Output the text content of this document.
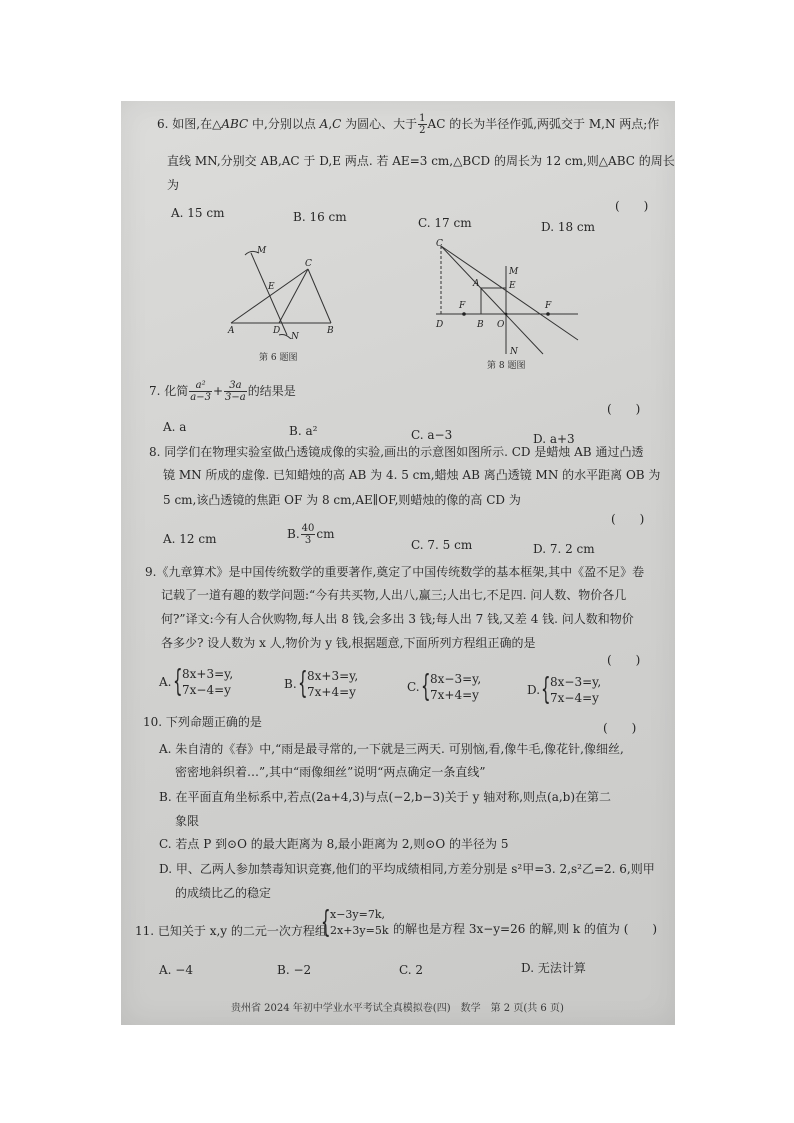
6. 如图,在△ABC 中,分别以点 A,C 为圆心、大于 $\frac{1}{2}$ AC 的长为半径作弧,两弧交于 M,N 两点;作
直线 MN,分别交 AB,AC 于 D,E 两点. 若 AE=3 cm,△BCD 的周长为 12 cm,则△ABC 的周长
为
(　　)
A. 15 cm	B. 16 cm	C. 17 cm	D. 18 cm
M
C
E
A	D	B
N
第 6 题图
C
M
A	E
F	F
D	B O
N
第 8 题图
7. 化简 $\frac{\text{a²}}{a-3} + \frac{3a}{3-a}$ 的结果是
(　　)
A. a	B. a²	C. a−3	D. a+3
8. 同学们在物理实验室做凸透镜成像的实验,画出的示意图如图所示. CD 是蜡烛 AB 通过凸透
镜 MN 所成的虚像. 已知蜡烛的高 AB 为 4. 5 cm,蜡烛 AB 离凸透镜 MN 的水平距离 OB 为
5 cm,该凸透镜的焦距 OF 为 8 cm,AE∥OF,则蜡烛的像的高 CD 为
(　　)
A. 12 cm	B. $\frac{40}{3}$ cm
C. 7. 5 cm	D. 7. 2 cm
9.《九章算术》是中国传统数学的重要著作,奠定了中国传统数学的基本框架,其中《盈不足》卷
记载了一道有趣的数学问题:“今有共买物,人出八,赢三;人出七,不足四. 问人数、物价各几
何?”译文:今有人合伙购物,每人出 8 钱,会多出 3 钱;每人出 7 钱,又差 4 钱. 问人数和物价
各多少? 设人数为 x 人,物价为 y 钱,根据题意,下面所列方程组正确的是
(　　)
A. { 8x+3=y,
7x−4=y	B. { 8x+3=y,
7x+4=y	C. { 8x−3=y,
7x+4=y	D. { 8x−3=y,
7x−4=y
10. 下列命题正确的是	(　　)
A. 朱自清的《春》中,“雨是最寻常的,一下就是三两天. 可别恼,看,像牛毛,像花针,像细丝,
密密地斜织着…”,其中“雨像细丝”说明“两点确定一条直线”
B. 在平面直角坐标系中,若点(2a+4,3)与点(−2,b−3)关于 y 轴对称,则点(a,b)在第二
象限
C. 若点 P 到⊙O 的最大距离为 8,最小距离为 2,则⊙O 的半径为 5
D. 甲、乙两人参加禁毒知识竞赛,他们的平均成绩相同,方差分别是 s²甲=3. 2,s²乙=2. 6,则甲
的成绩比乙的稳定
11. 已知关于 x,y 的二元一次方程组
{ x−3y=7k,
2x+3y=5k 的解也是方程 3x−y=26 的解,则 k 的值为 (　　)
A. −4	B. −2	C. 2	D. 无法计算
贵州省 2024 年初中学业水平考试全真模拟卷(四)　数学　第 2 页(共 6 页)
